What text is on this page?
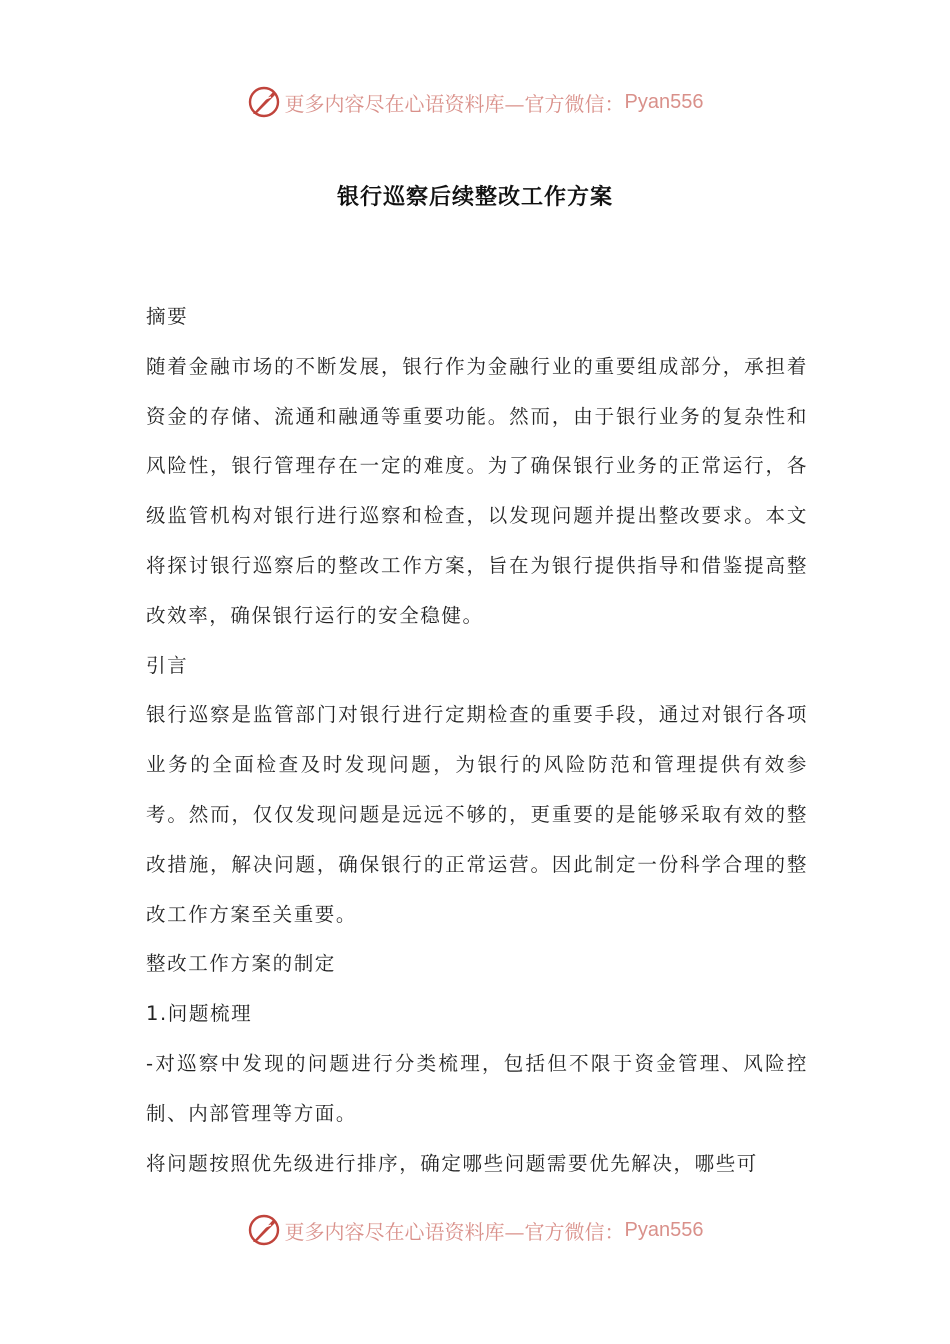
更多内容尽在心语资料库—官方微信： Pyan556
银行巡察后续整改工作方案

摘要

随着金融市场的不断发展，银行作为金融行业的重要组成部分，承担着资金的存储、流通和融通等重要功能。然而，由于银行业务的复杂性和风险性，银行管理存在一定的难度。为了确保银行业务的正常运行，各级监管机构对银行进行巡察和检查，以发现问题并提出整改要求。本文将探讨银行巡察后的整改工作方案，旨在为银行提供指导和借鉴提高整改效率，确保银行运行的安全稳健。

引言

银行巡察是监管部门对银行进行定期检查的重要手段，通过对银行各项业务的全面检查及时发现问题，为银行的风险防范和管理提供有效参考。然而，仅仅发现问题是远远不够的，更重要的是能够采取有效的整改措施，解决问题，确保银行的正常运营。因此制定一份科学合理的整改工作方案至关重要。

整改工作方案的制定

1.问题梳理

-对巡察中发现的问题进行分类梳理，包括但不限于资金管理、风险控制、内部管理等方面。

将问题按照优先级进行排序，确定哪些问题需要优先解决，哪些可

更多内容尽在心语资料库—官方微信： Pyan556
